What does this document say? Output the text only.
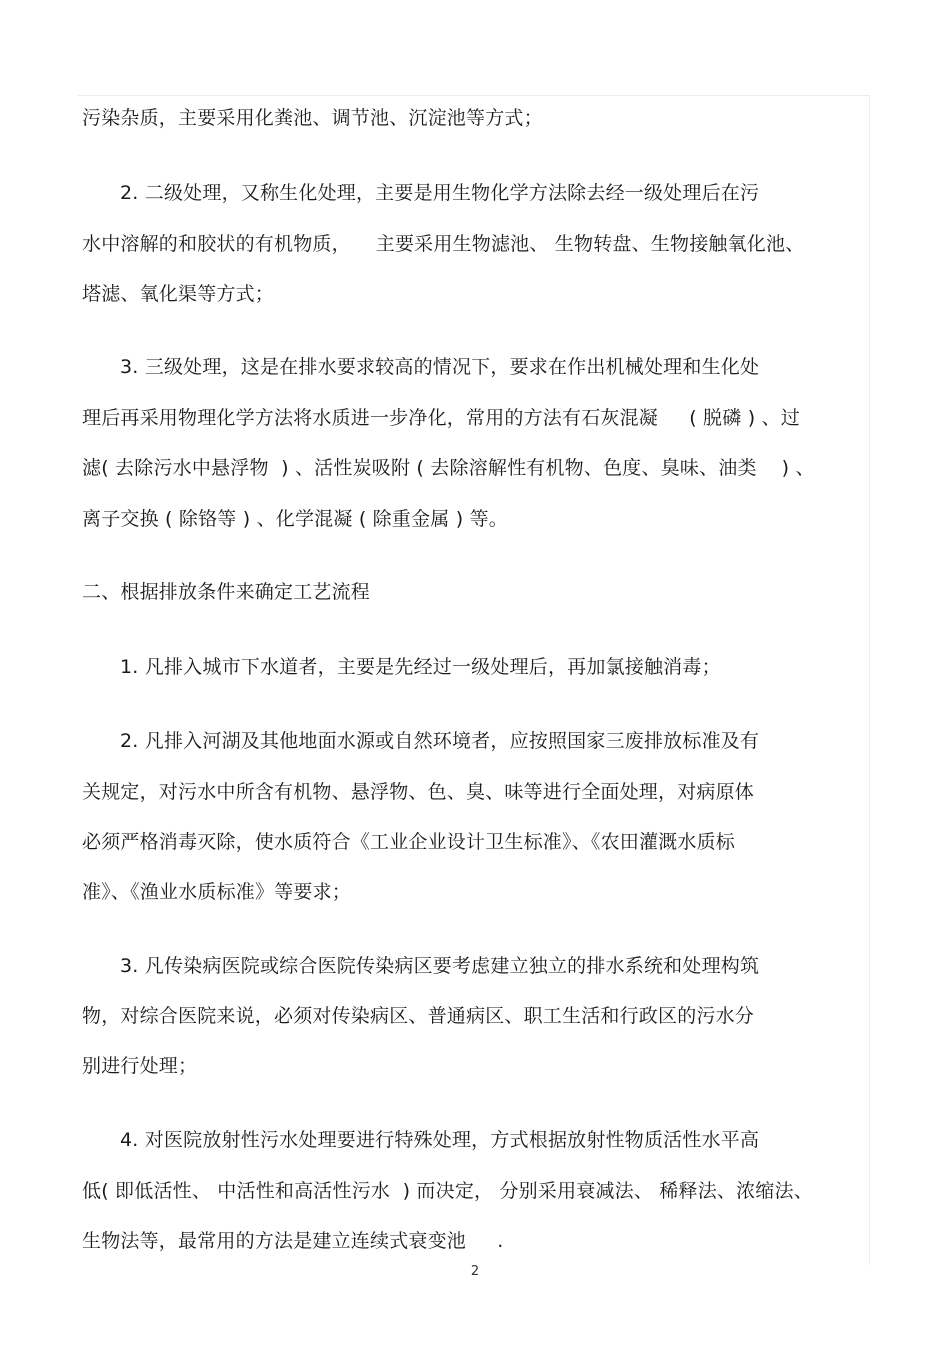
污染杂质，主要采用化粪池、调节池、沉淀池等方式；
2. 二级处理，又称生化处理，主要是用生物化学方法除去经一级处理后在污
水中溶解的和胶状的有机物质，    主要采用生物滤池、 生物转盘、生物接触氧化池、
塔滤、氧化渠等方式；
3. 三级处理，这是在排水要求较高的情况下，要求在作出机械处理和生化处
理后再采用物理化学方法将水质进一步净化，常用的方法有石灰混凝     ( 脱磷 ) 、过
滤( 去除污水中悬浮物  ) 、活性炭吸附 ( 去除溶解性有机物、色度、臭味、油类    ) 、
离子交换 ( 除铬等 ) 、化学混凝 ( 除重金属 ) 等。
二、根据排放条件来确定工艺流程
1. 凡排入城市下水道者，主要是先经过一级处理后，再加氯接触消毒；
2. 凡排入河湖及其他地面水源或自然环境者，应按照国家三废排放标准及有
关规定，对污水中所含有机物、悬浮物、色、臭、味等进行全面处理，对病原体
必须严格消毒灭除，使水质符合《工业企业设计卫生标准》、《农田灌溉水质标
准》、《渔业水质标准》等要求；
3. 凡传染病医院或综合医院传染病区要考虑建立独立的排水系统和处理构筑
物，对综合医院来说，必须对传染病区、普通病区、职工生活和行政区的污水分
别进行处理；
4. 对医院放射性污水处理要进行特殊处理，方式根据放射性物质活性水平高
低( 即低活性、 中活性和高活性污水  ) 而决定， 分别采用衰减法、 稀释法、浓缩法、
生物法等，最常用的方法是建立连续式衰变池     .
2
